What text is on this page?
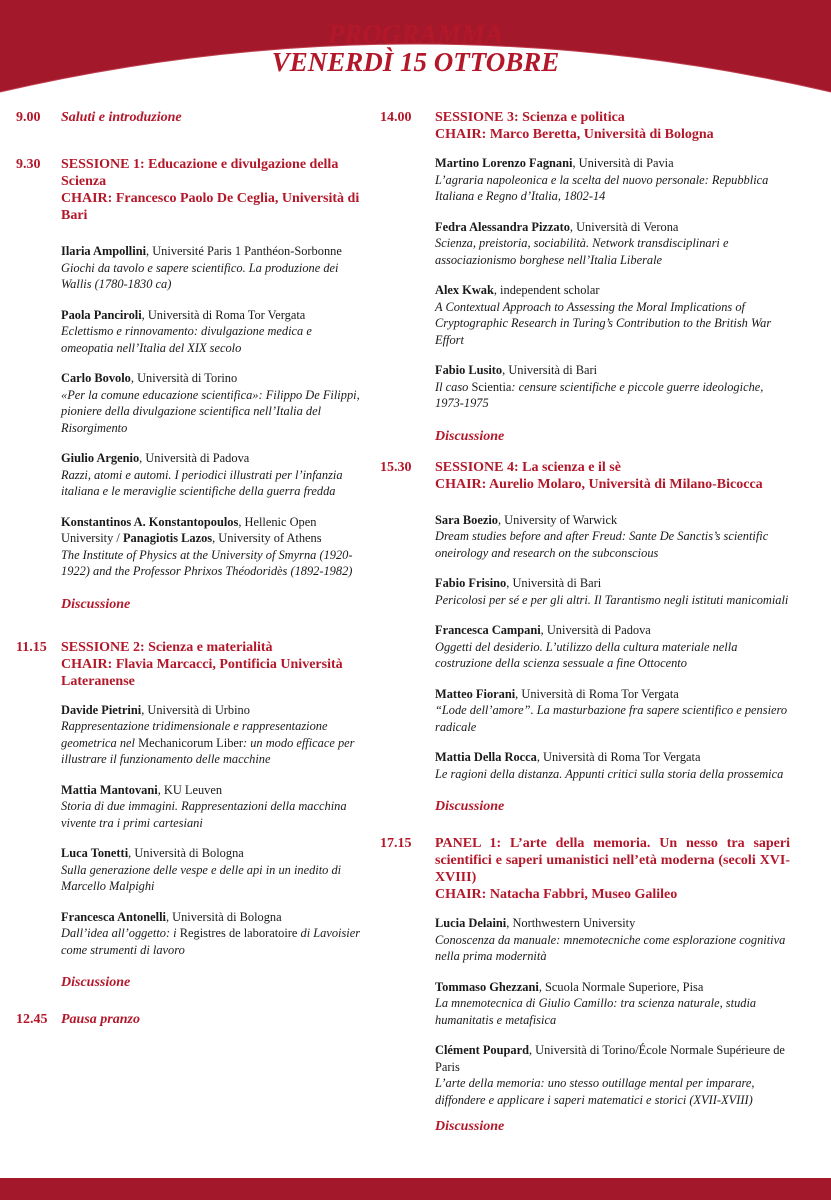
PROGRAMMA
VENERDÌ 15 OTTOBRE
9.00 Saluti e introduzione
9.30 SESSIONE 1: Educazione e divulgazione della Scienza
CHAIR: Francesco Paolo De Ceglia, Università di Bari
Ilaria Ampollini, Université Paris 1 Panthéon-Sorbonne
Giochi da tavolo e sapere scientifico. La produzione dei Wallis (1780-1830 ca)
Paola Panciroli, Università di Roma Tor Vergata
Eclettismo e rinnovamento: divulgazione medica e omeopatia nell’Italia del XIX secolo
Carlo Bovolo, Università di Torino
«Per la comune educazione scientifica»: Filippo De Filippi, pioniere della divulgazione scientifica nell’Italia del Risorgimento
Giulio Argenio, Università di Padova
Razzi, atomi e automi. I periodici illustrati per l’infanzia italiana e le meraviglie scientifiche della guerra fredda
Konstantinos A. Konstantopoulos, Hellenic Open University / Panagiotis Lazos, University of Athens
The Institute of Physics at the University of Smyrna (1920-1922) and the Professor Phrixos Théodoridès (1892-1982)
Discussione
11.15 SESSIONE 2: Scienza e materialità
CHAIR: Flavia Marcacci, Pontificia Università Lateranense
Davide Pietrini, Università di Urbino
Rappresentazione tridimensionale e rappresentazione geometrica nel Mechanicorum Liber: un modo efficace per illustrare il funzionamento delle macchine
Mattia Mantovani, KU Leuven
Storia di due immagini. Rappresentazioni della macchina vivente tra i primi cartesiani
Luca Tonetti, Università di Bologna
Sulla generazione delle vespe e delle api in un inedito di Marcello Malpighi
Francesca Antonelli, Università di Bologna
Dall’idea all’oggetto: i Registres de laboratoire di Lavoisier come strumenti di lavoro
Discussione
12.45 Pausa pranzo
14.00 SESSIONE 3: Scienza e politica
CHAIR: Marco Beretta, Università di Bologna
Martino Lorenzo Fagnani, Università di Pavia
L’agraria napoleonica e la scelta del nuovo personale: Repubblica Italiana e Regno d’Italia, 1802-14
Fedra Alessandra Pizzato, Università di Verona
Scienza, preistoria, sociabilità. Network transdisciplinari e associazionismo borghese nell’Italia Liberale
Alex Kwak, independent scholar
A Contextual Approach to Assessing the Moral Implications of Cryptographic Research in Turing’s Contribution to the British War Effort
Fabio Lusito, Università di Bari
Il caso Scientia: censure scientifiche e piccole guerre ideologiche, 1973-1975
Discussione
15.30 SESSIONE 4: La scienza e il sè
CHAIR: Aurelio Molaro, Università di Milano-Bicocca
Sara Boezio, University of Warwick
Dream studies before and after Freud: Sante De Sanctis’s scientific oneirology and research on the subconscious
Fabio Frisino, Università di Bari
Pericolosi per sé e per gli altri. Il Tarantismo negli istituti manicomiali
Francesca Campani, Università di Padova
Oggetti del desiderio. L’utilizzo della cultura materiale nella costruzione della scienza sessuale a fine Ottocento
Matteo Fiorani, Università di Roma Tor Vergata
“Lode dell’amore”. La masturbazione fra sapere scientifico e pensiero radicale
Mattia Della Rocca, Università di Roma Tor Vergata
Le ragioni della distanza. Appunti critici sulla storia della prossemica
Discussione
17.15 PANEL 1: L’arte della memoria. Un nesso tra saperi scientifici e saperi umanistici nell’età moderna (secoli XVI-XVIII)
CHAIR: Natacha Fabbri, Museo Galileo
Lucia Delaini, Northwestern University
Conoscenza da manuale: mnemotecniche come esplorazione cognitiva nella prima modernità
Tommaso Ghezzani, Scuola Normale Superiore, Pisa
La mnemotecnica di Giulio Camillo: tra scienza naturale, studia humanitatis e metafisica
Clément Poupard, Università di Torino/École Normale Supérieure de Paris
L’arte della memoria: uno stesso outillage mental per imparare, diffondere e applicare i saperi matematici e storici (XVII-XVIII)
Discussione
